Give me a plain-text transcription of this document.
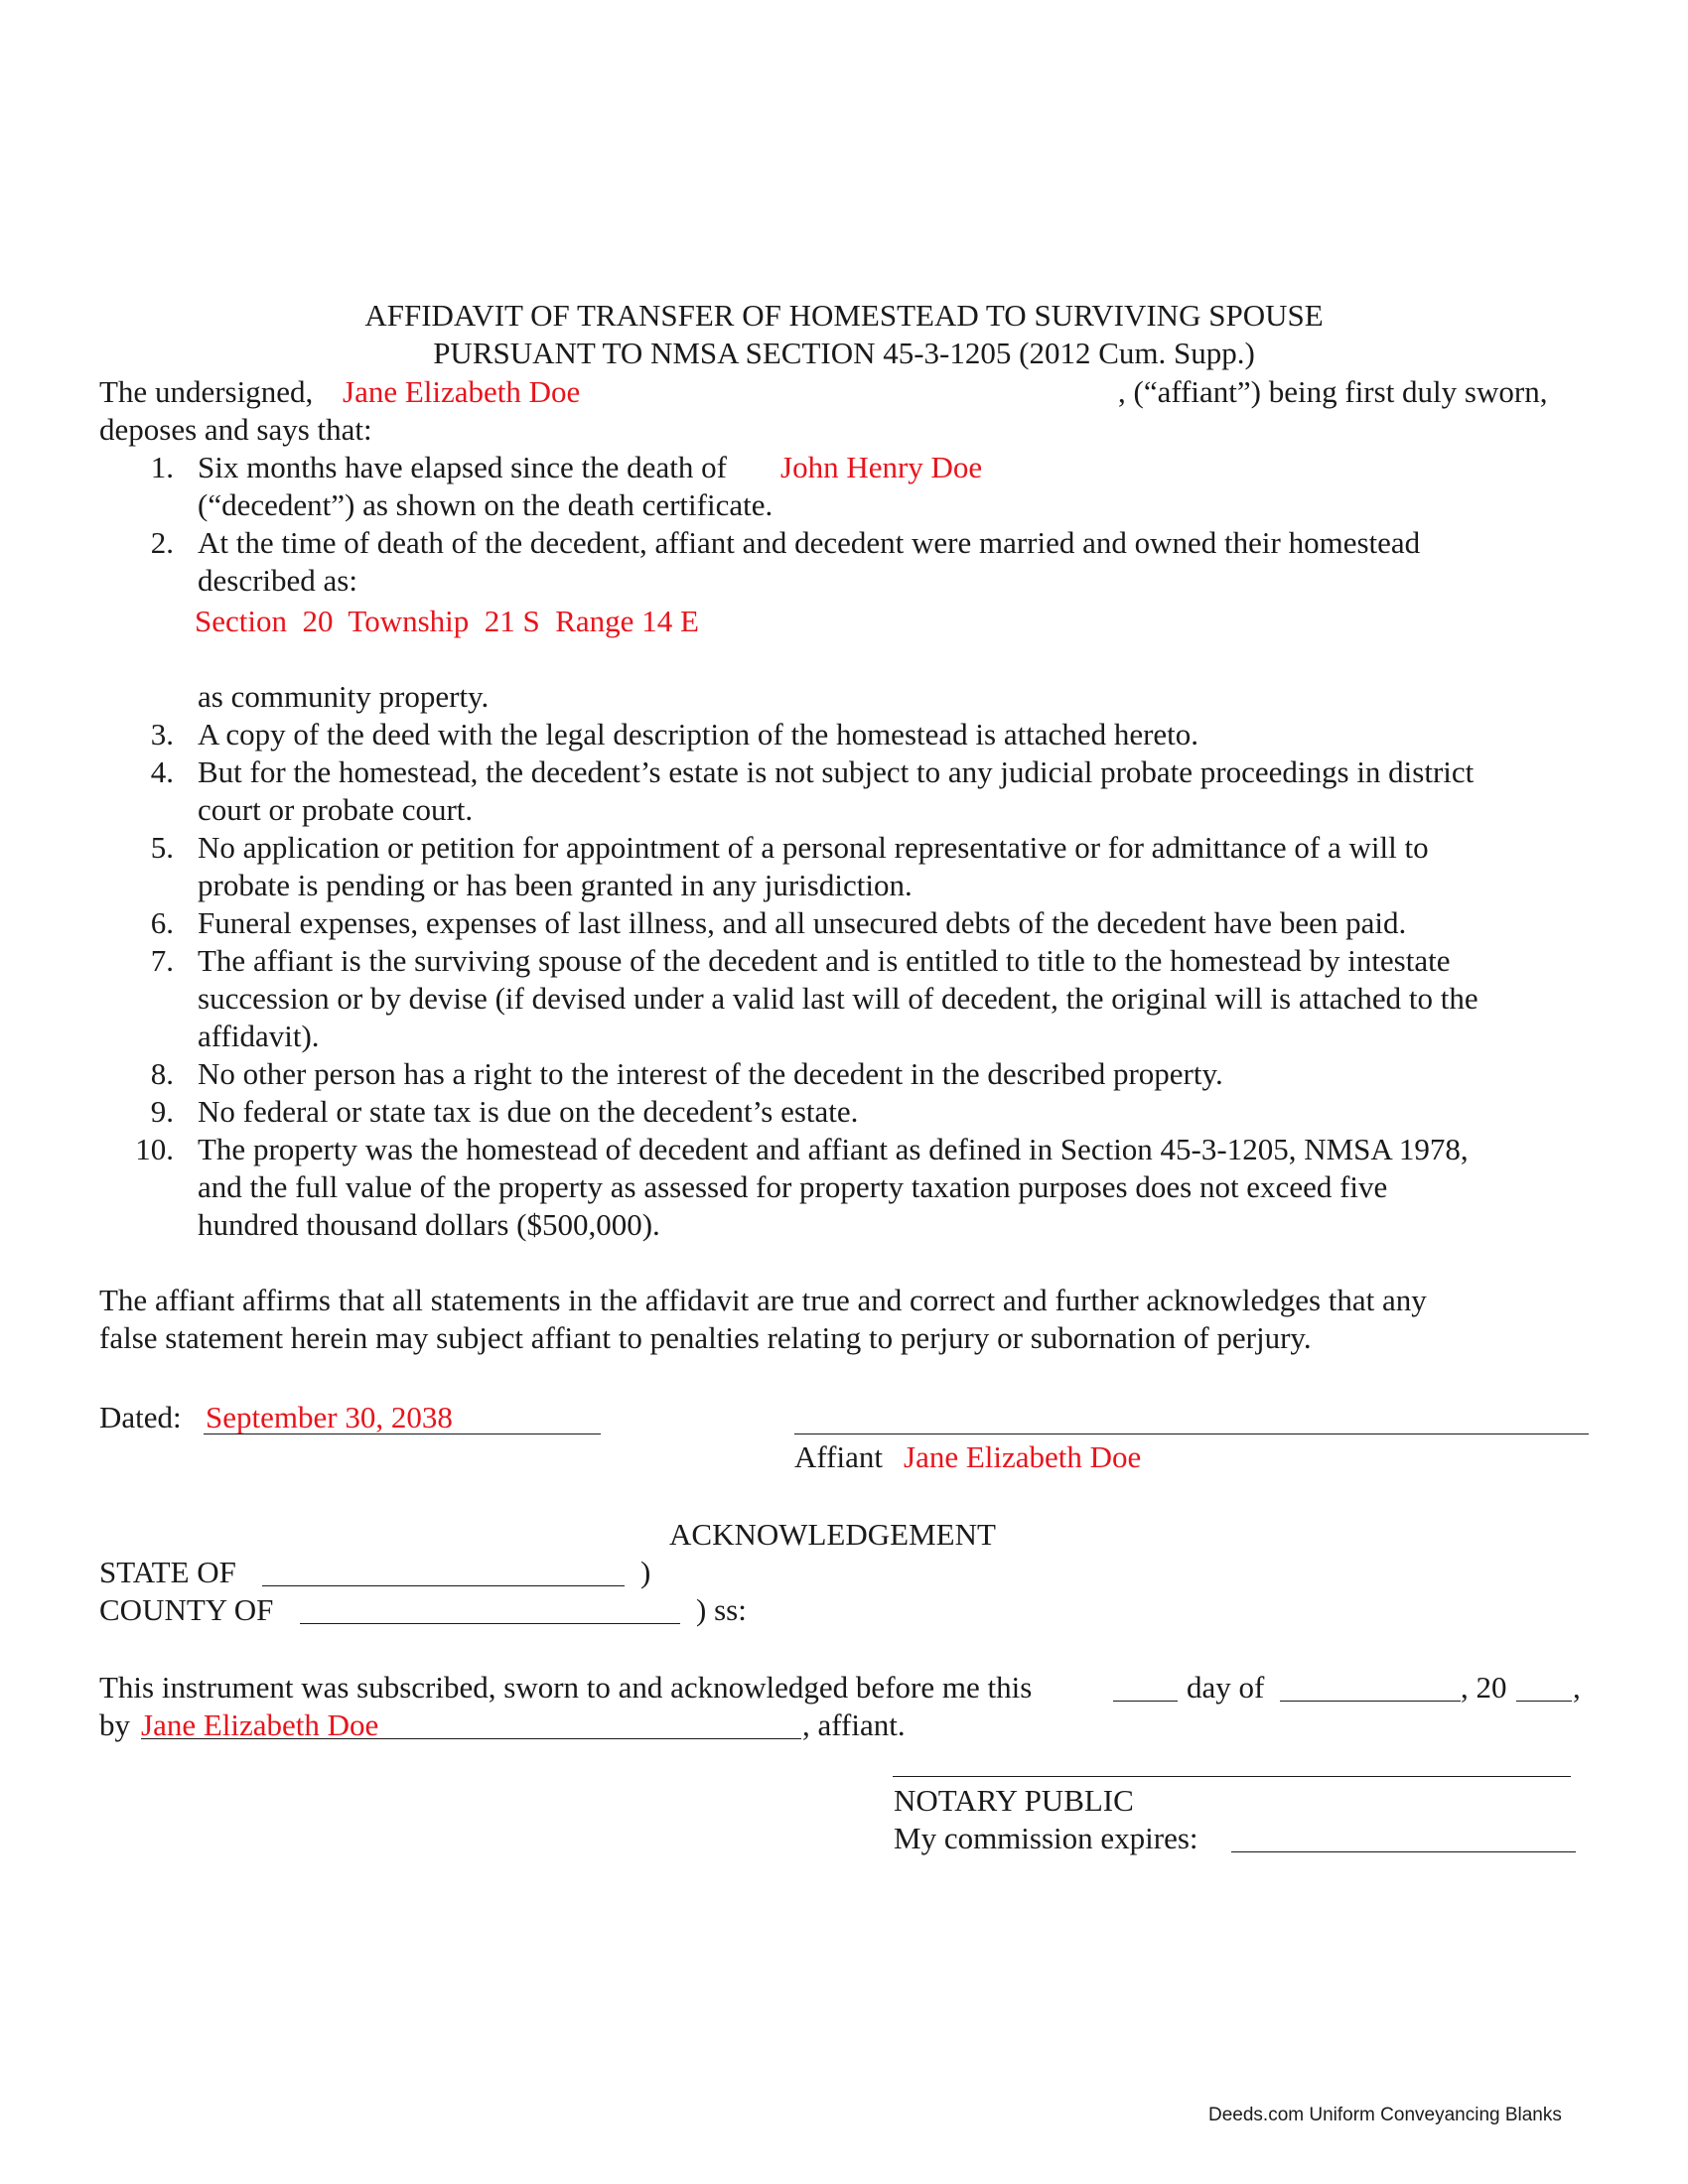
AFFIDAVIT OF TRANSFER OF HOMESTEAD TO SURVIVING SPOUSE
PURSUANT TO NMSA SECTION 45-3-1205 (2012 Cum. Supp.)
The undersigned, Jane Elizabeth Doe	, (“affiant”) being first duly sworn,
deposes and says that:
1. Six months have elapsed since the death of John Henry Doe
(“decedent”) as shown on the death certificate.
2. At the time of death of the decedent, affiant and decedent were married and owned their homestead
described as:
Section  20  Township  21 S  Range 14 E
as community property.
3. A copy of the deed with the legal description of the homestead is attached hereto.
4. But for the homestead, the decedent’s estate is not subject to any judicial probate proceedings in district
court or probate court.
5. No application or petition for appointment of a personal representative or for admittance of a will to
probate is pending or has been granted in any jurisdiction.
6. Funeral expenses, expenses of last illness, and all unsecured debts of the decedent have been paid.
7. The affiant is the surviving spouse of the decedent and is entitled to title to the homestead by intestate
succession or by devise (if devised under a valid last will of decedent, the original will is attached to the
affidavit).
8. No other person has a right to the interest of the decedent in the described property.
9. No federal or state tax is due on the decedent’s estate.
10. The property was the homestead of decedent and affiant as defined in Section 45-3-1205, NMSA 1978,
and the full value of the property as assessed for property taxation purposes does not exceed five
hundred thousand dollars ($500,000).
The affiant affirms that all statements in the affidavit are true and correct and further acknowledges that any
false statement herein may subject affiant to penalties relating to perjury or subornation of perjury.
Dated: September 30, 2038
Affiant Jane Elizabeth Doe
ACKNOWLEDGEMENT
STATE OF	)
COUNTY OF	) ss:
This instrument was subscribed, sworn to and acknowledged before me this	day of	, 20 ,
by Jane Elizabeth Doe	, affiant.
NOTARY PUBLIC
My commission expires:
Deeds.com Uniform Conveyancing Blanks
